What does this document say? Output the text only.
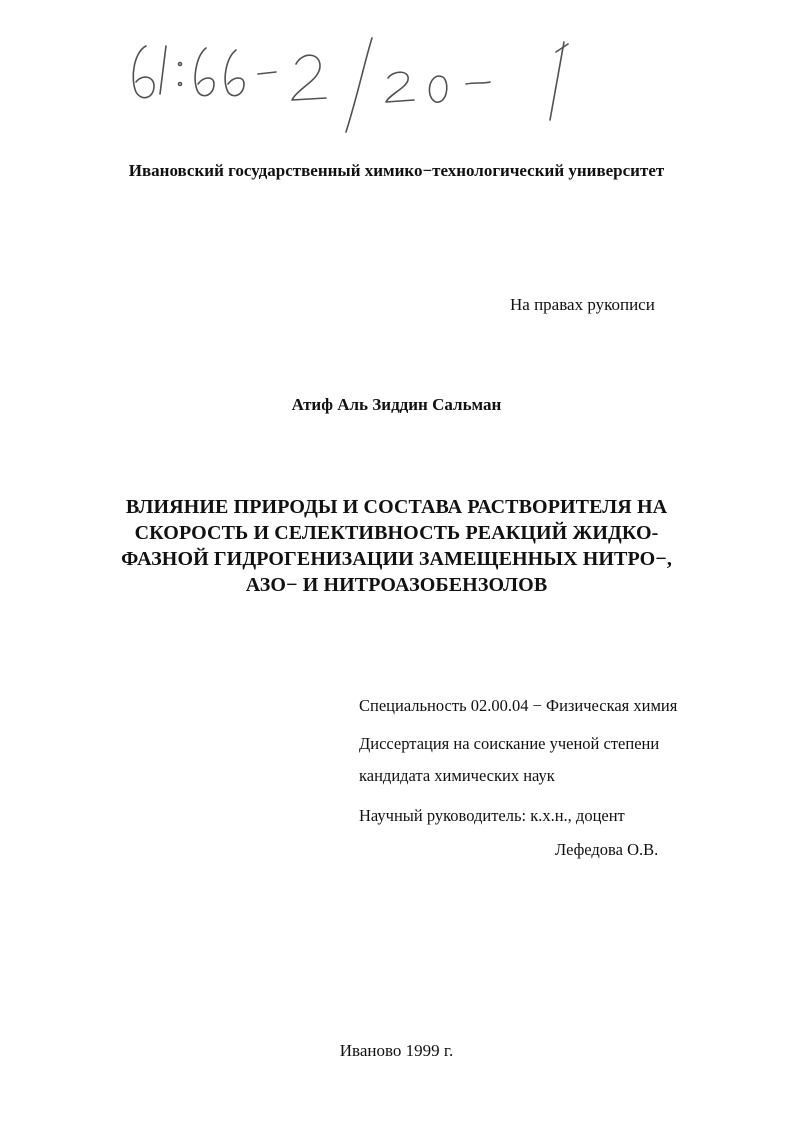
Ивановский государственный химико−технологический университет
На правах рукописи
Атиф Аль Зиддин Сальман
ВЛИЯНИЕ ПРИРОДЫ И СОСТАВА РАСТВОРИТЕЛЯ НА
СКОРОСТЬ И СЕЛЕКТИВНОСТЬ РЕАКЦИЙ ЖИДКО-
ФАЗНОЙ ГИДРОГЕНИЗАЦИИ ЗАМЕЩЕННЫХ НИТРО−,
АЗО− И НИТРОАЗОБЕНЗОЛОВ
Специальность 02.00.04 − Физическая химия
Диссертация на соискание ученой степени
кандидата химических наук
Научный руководитель: к.х.н., доцент
Лефедова О.В.
Иваново 1999 г.
